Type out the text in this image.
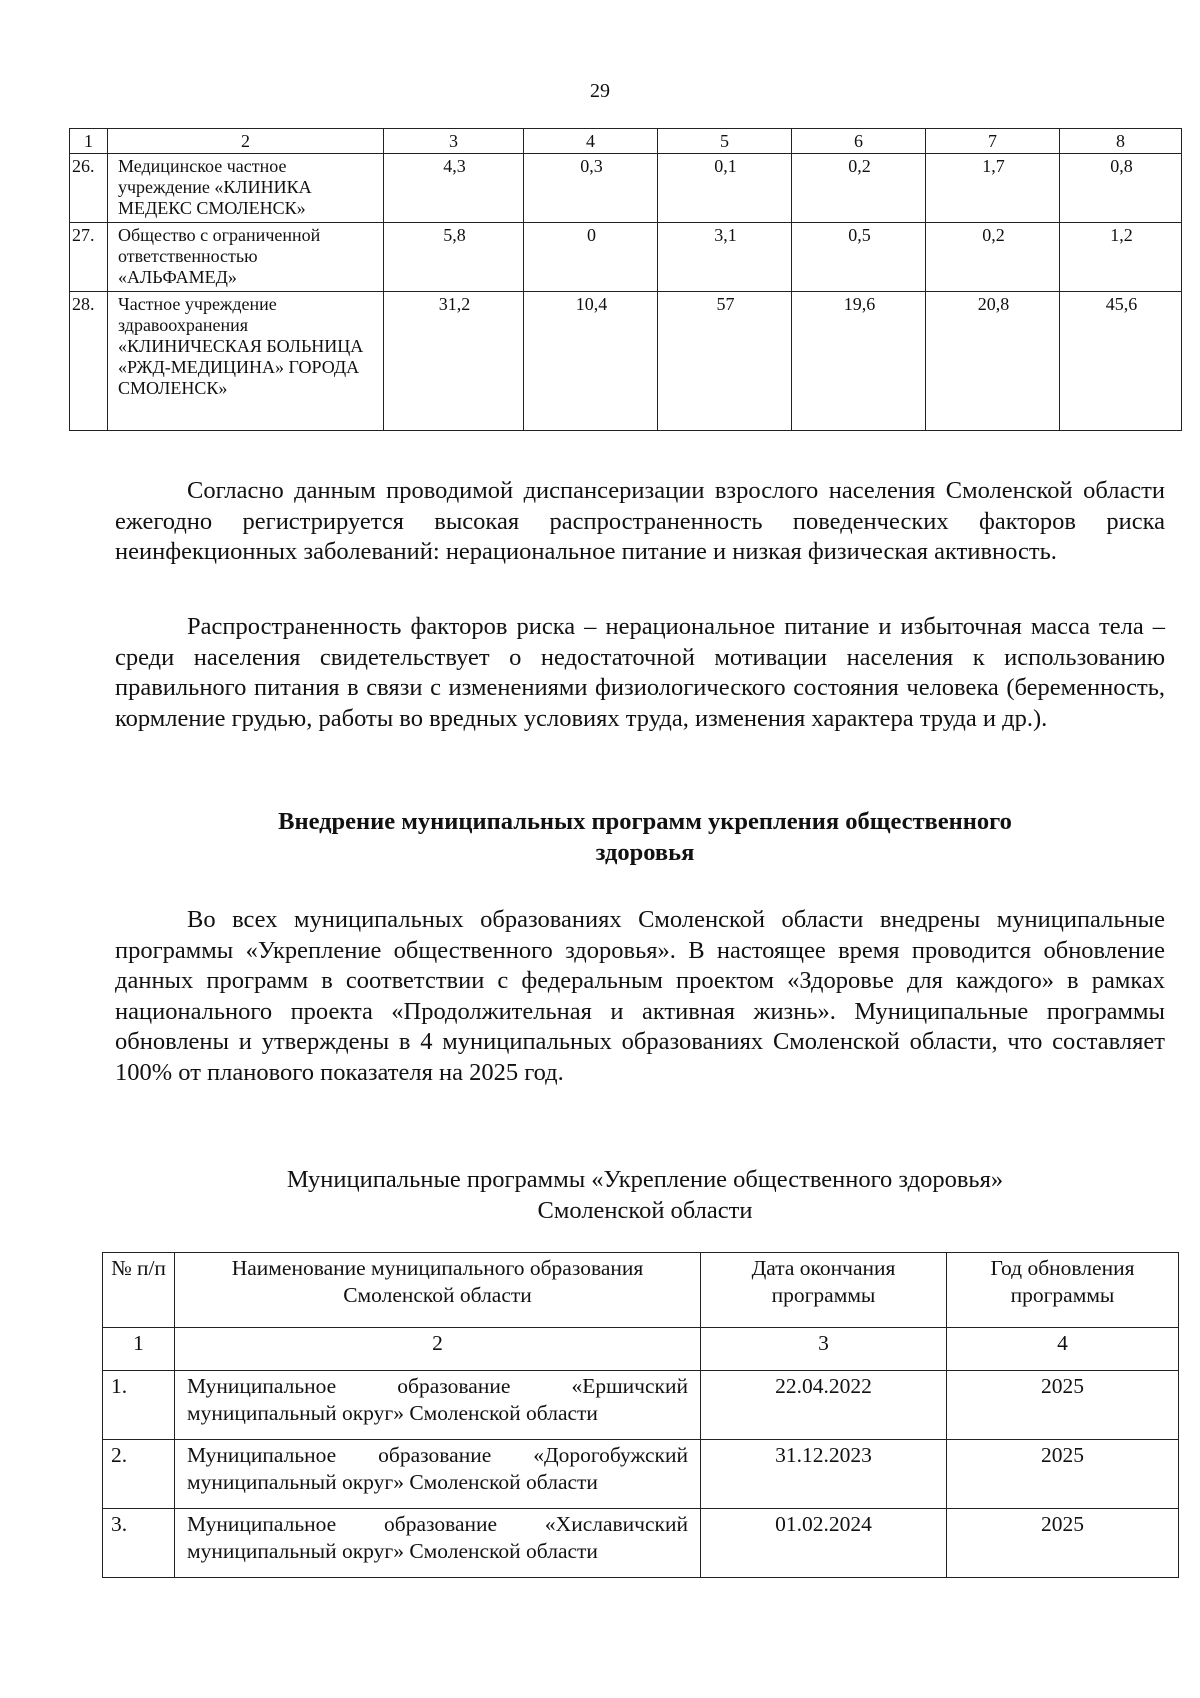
29
1	2	3	4	5	6	7	8
26.	Медицинское частное учреждение «КЛИНИКА МЕДЕКС СМОЛЕНСК»	4,3	0,3	0,1	0,2	1,7	0,8
27.	Общество с ограниченной ответственностью «АЛЬФАМЕД»	5,8	0	3,1	0,5	0,2	1,2
28.	Частное учреждение здравоохранения «КЛИНИЧЕСКАЯ БОЛЬНИЦА «РЖД-МЕДИЦИНА» ГОРОДА СМОЛЕНСК»	31,2	10,4	57	19,6	20,8	45,6

Согласно данным проводимой диспансеризации взрослого населения Смоленской области ежегодно регистрируется высокая распространенность поведенческих факторов риска неинфекционных заболеваний: нерациональное питание и низкая физическая активность.

Распространенность факторов риска – нерациональное питание и избыточная масса тела – среди населения свидетельствует о недостаточной мотивации населения к использованию правильного питания в связи с изменениями физиологического состояния человека (беременность, кормление грудью, работы во вредных условиях труда, изменения характера труда и др.).

Внедрение муниципальных программ укрепления общественного
здоровья

Во всех муниципальных образованиях Смоленской области внедрены муниципальные программы «Укрепление общественного здоровья». В настоящее время проводится обновление данных программ в соответствии с федеральным проектом «Здоровье для каждого» в рамках национального проекта «Продолжительная и активная жизнь». Муниципальные программы обновлены и утверждены в 4 муниципальных образованиях Смоленской области, что составляет 100% от планового показателя на 2025 год.

Муниципальные программы «Укрепление общественного здоровья»
Смоленской области
№ п/п	Наименование муниципального образования Смоленской области	Дата окончания программы	Год обновления программы
1	2	3	4
1.	Муниципальное образование «Ершичский
муниципальный округ» Смоленской области	22.04.2022	2025
2.	Муниципальное образование «Дорогобужский
муниципальный округ» Смоленской области	31.12.2023	2025
3.	Муниципальное образование «Хиславичский
муниципальный округ» Смоленской области	01.02.2024	2025
